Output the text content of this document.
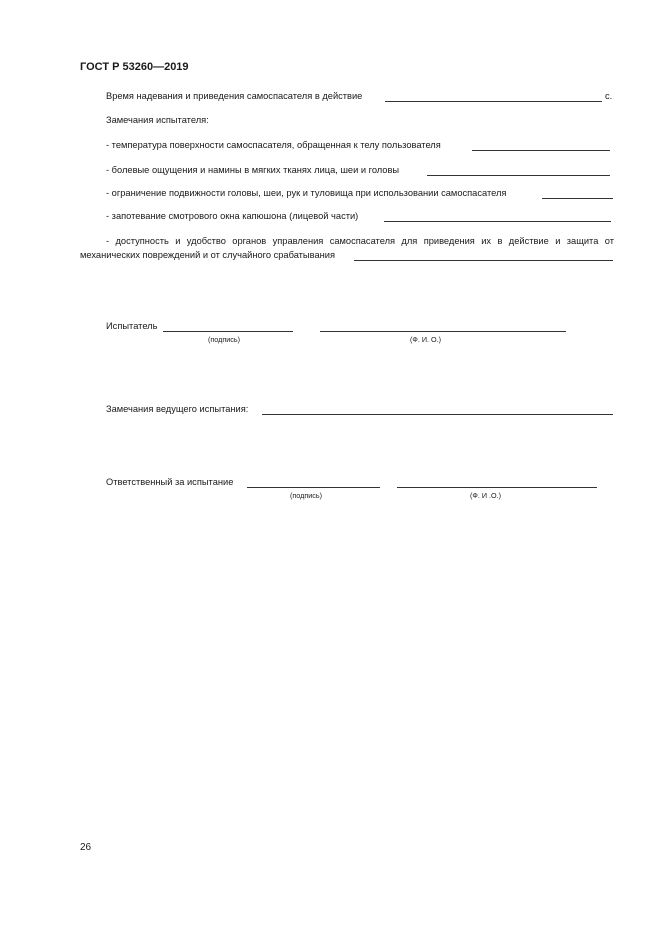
ГОСТ Р 53260—2019
Время надевания и приведения самоспасателя в действие	с.
Замечания испытателя:
- температура поверхности самоспасателя, обращенная к телу пользователя
- болевые ощущения и намины в мягких тканях лица, шеи и головы
- ограничение подвижности головы, шеи, рук и туловища при использовании самоспасателя
- запотевание смотрового окна капюшона (лицевой части)
- доступность и удобство органов управления самоспасателя для приведения их в действие и защита от
механических повреждений и от случайного срабатывания
Испытатель
(подпись)	(Ф. И. О.)
Замечания ведущего испытания:
Ответственный за испытание
(подпись)	(Ф. И .О.)
26
